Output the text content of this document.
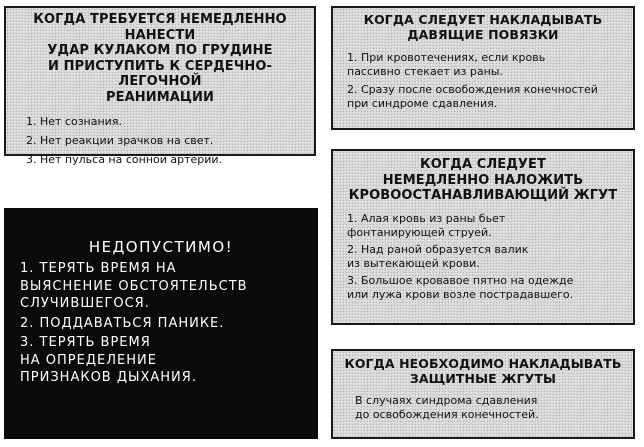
КОГДА ТРЕБУЕТСЯ НЕМЕДЛЕННО НАНЕСТИ
УДАР КУЛАКОМ ПО ГРУДИНЕ
И ПРИСТУПИТЬ К СЕРДЕЧНО-ЛЕГОЧНОЙ
РЕАНИМАЦИИ
1. Нет сознания.
2. Нет реакции зрачков на свет.
3. Нет пульса на сонной артерии.
КОГДА СЛЕДУЕТ НАКЛАДЫВАТЬ
ДАВЯЩИЕ ПОВЯЗКИ
1. При кровотечениях, если кровь
пассивно стекает из раны.
2. Сразу после освобождения конечностей
при синдроме сдавления.
КОГДА СЛЕДУЕТ
НЕМЕДЛЕННО НАЛОЖИТЬ
КРОВООСТАНАВЛИВАЮЩИЙ ЖГУТ
1. Алая кровь из раны бьет
фонтанирующей струей.
2. Над раной образуется валик
из вытекающей крови.
3. Большое кровавое пятно на одежде
или лужа крови возле пострадавшего.
КОГДА НЕОБХОДИМО НАКЛАДЫВАТЬ
ЗАЩИТНЫЕ ЖГУТЫ

В случаях синдрома сдавления
до освобождения конечностей.

НЕДОПУСТИМО!
1. ТЕРЯТЬ ВРЕМЯ НА
ВЫЯСНЕНИЕ ОБСТОЯТЕЛЬСТВ
СЛУЧИВШЕГОСЯ.
2. ПОДДАВАТЬСЯ ПАНИКЕ.
3. ТЕРЯТЬ ВРЕМЯ
НА ОПРЕДЕЛЕНИЕ
ПРИЗНАКОВ ДЫХАНИЯ.
